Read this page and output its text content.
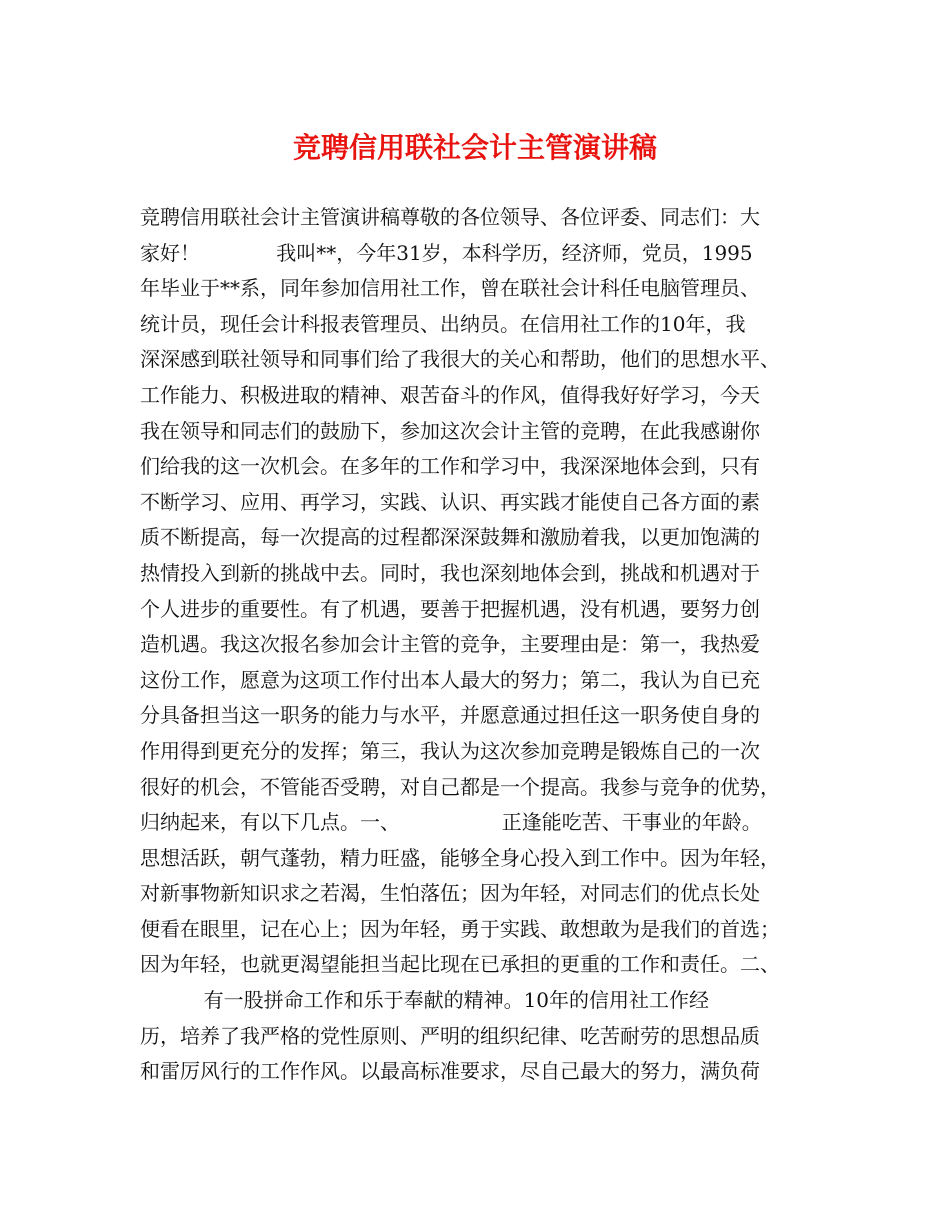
竞聘信用联社会计主管演讲稿
竞聘信用联社会计主管演讲稿尊敬的各位领导、各位评委、同志们：大
家好！            我叫**，今年31岁，本科学历，经济师，党员，1995
年毕业于**系，同年参加信用社工作，曾在联社会计科任电脑管理员、
统计员，现任会计科报表管理员、出纳员。在信用社工作的10年，我
深深感到联社领导和同事们给了我很大的关心和帮助，他们的思想水平、
工作能力、积极进取的精神、艰苦奋斗的作风，值得我好好学习，今天
我在领导和同志们的鼓励下，参加这次会计主管的竞聘，在此我感谢你
们给我的这一次机会。在多年的工作和学习中，我深深地体会到，只有
不断学习、应用、再学习，实践、认识、再实践才能使自己各方面的素
质不断提高，每一次提高的过程都深深鼓舞和激励着我，以更加饱满的
热情投入到新的挑战中去。同时，我也深刻地体会到，挑战和机遇对于
个人进步的重要性。有了机遇，要善于把握机遇，没有机遇，要努力创
造机遇。我这次报名参加会计主管的竞争，主要理由是：第一，我热爱
这份工作，愿意为这项工作付出本人最大的努力；第二，我认为自已充
分具备担当这一职务的能力与水平，并愿意通过担任这一职务使自身的
作用得到更充分的发挥；第三，我认为这次参加竞聘是锻炼自己的一次
很好的机会，不管能否受聘，对自己都是一个提高。我参与竞争的优势，
归纳起来，有以下几点。一、                正逢能吃苦、干事业的年龄。
思想活跃，朝气蓬勃，精力旺盛，能够全身心投入到工作中。因为年轻，
对新事物新知识求之若渴，生怕落伍；因为年轻，对同志们的优点长处
便看在眼里，记在心上；因为年轻，勇于实践、敢想敢为是我们的首选；
因为年轻，也就更渴望能担当起比现在已承担的更重的工作和责任。二、
有一股拼命工作和乐于奉献的精神。10年的信用社工作经
历，培养了我严格的党性原则、严明的组织纪律、吃苦耐劳的思想品质
和雷厉风行的工作作风。以最高标准要求，尽自己最大的努力，满负荷
